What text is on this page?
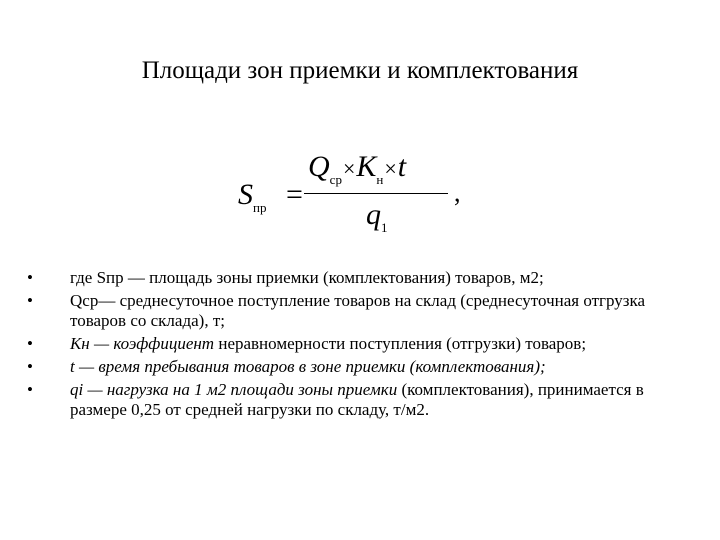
Площади зон приемки и комплектования
$S_{пр}$ =
$Q_{ср}\times K_н\times t$
$q_1$
,
• где Sпр — площадь зоны приемки (комплектования) товаров, м2;
• Qср— среднесуточное поступление товаров на склад (среднесуточная отгрузка товаров со склада), т;
• Кн — коэффициент неравномерности поступления (отгрузки) товаров;
• t — время пребывания товаров в зоне приемки (комплектования);
• qi — нагрузка на 1 м2 площади зоны приемки (комплектования), принимается в размере 0,25 от средней нагрузки по складу, т/м2.
